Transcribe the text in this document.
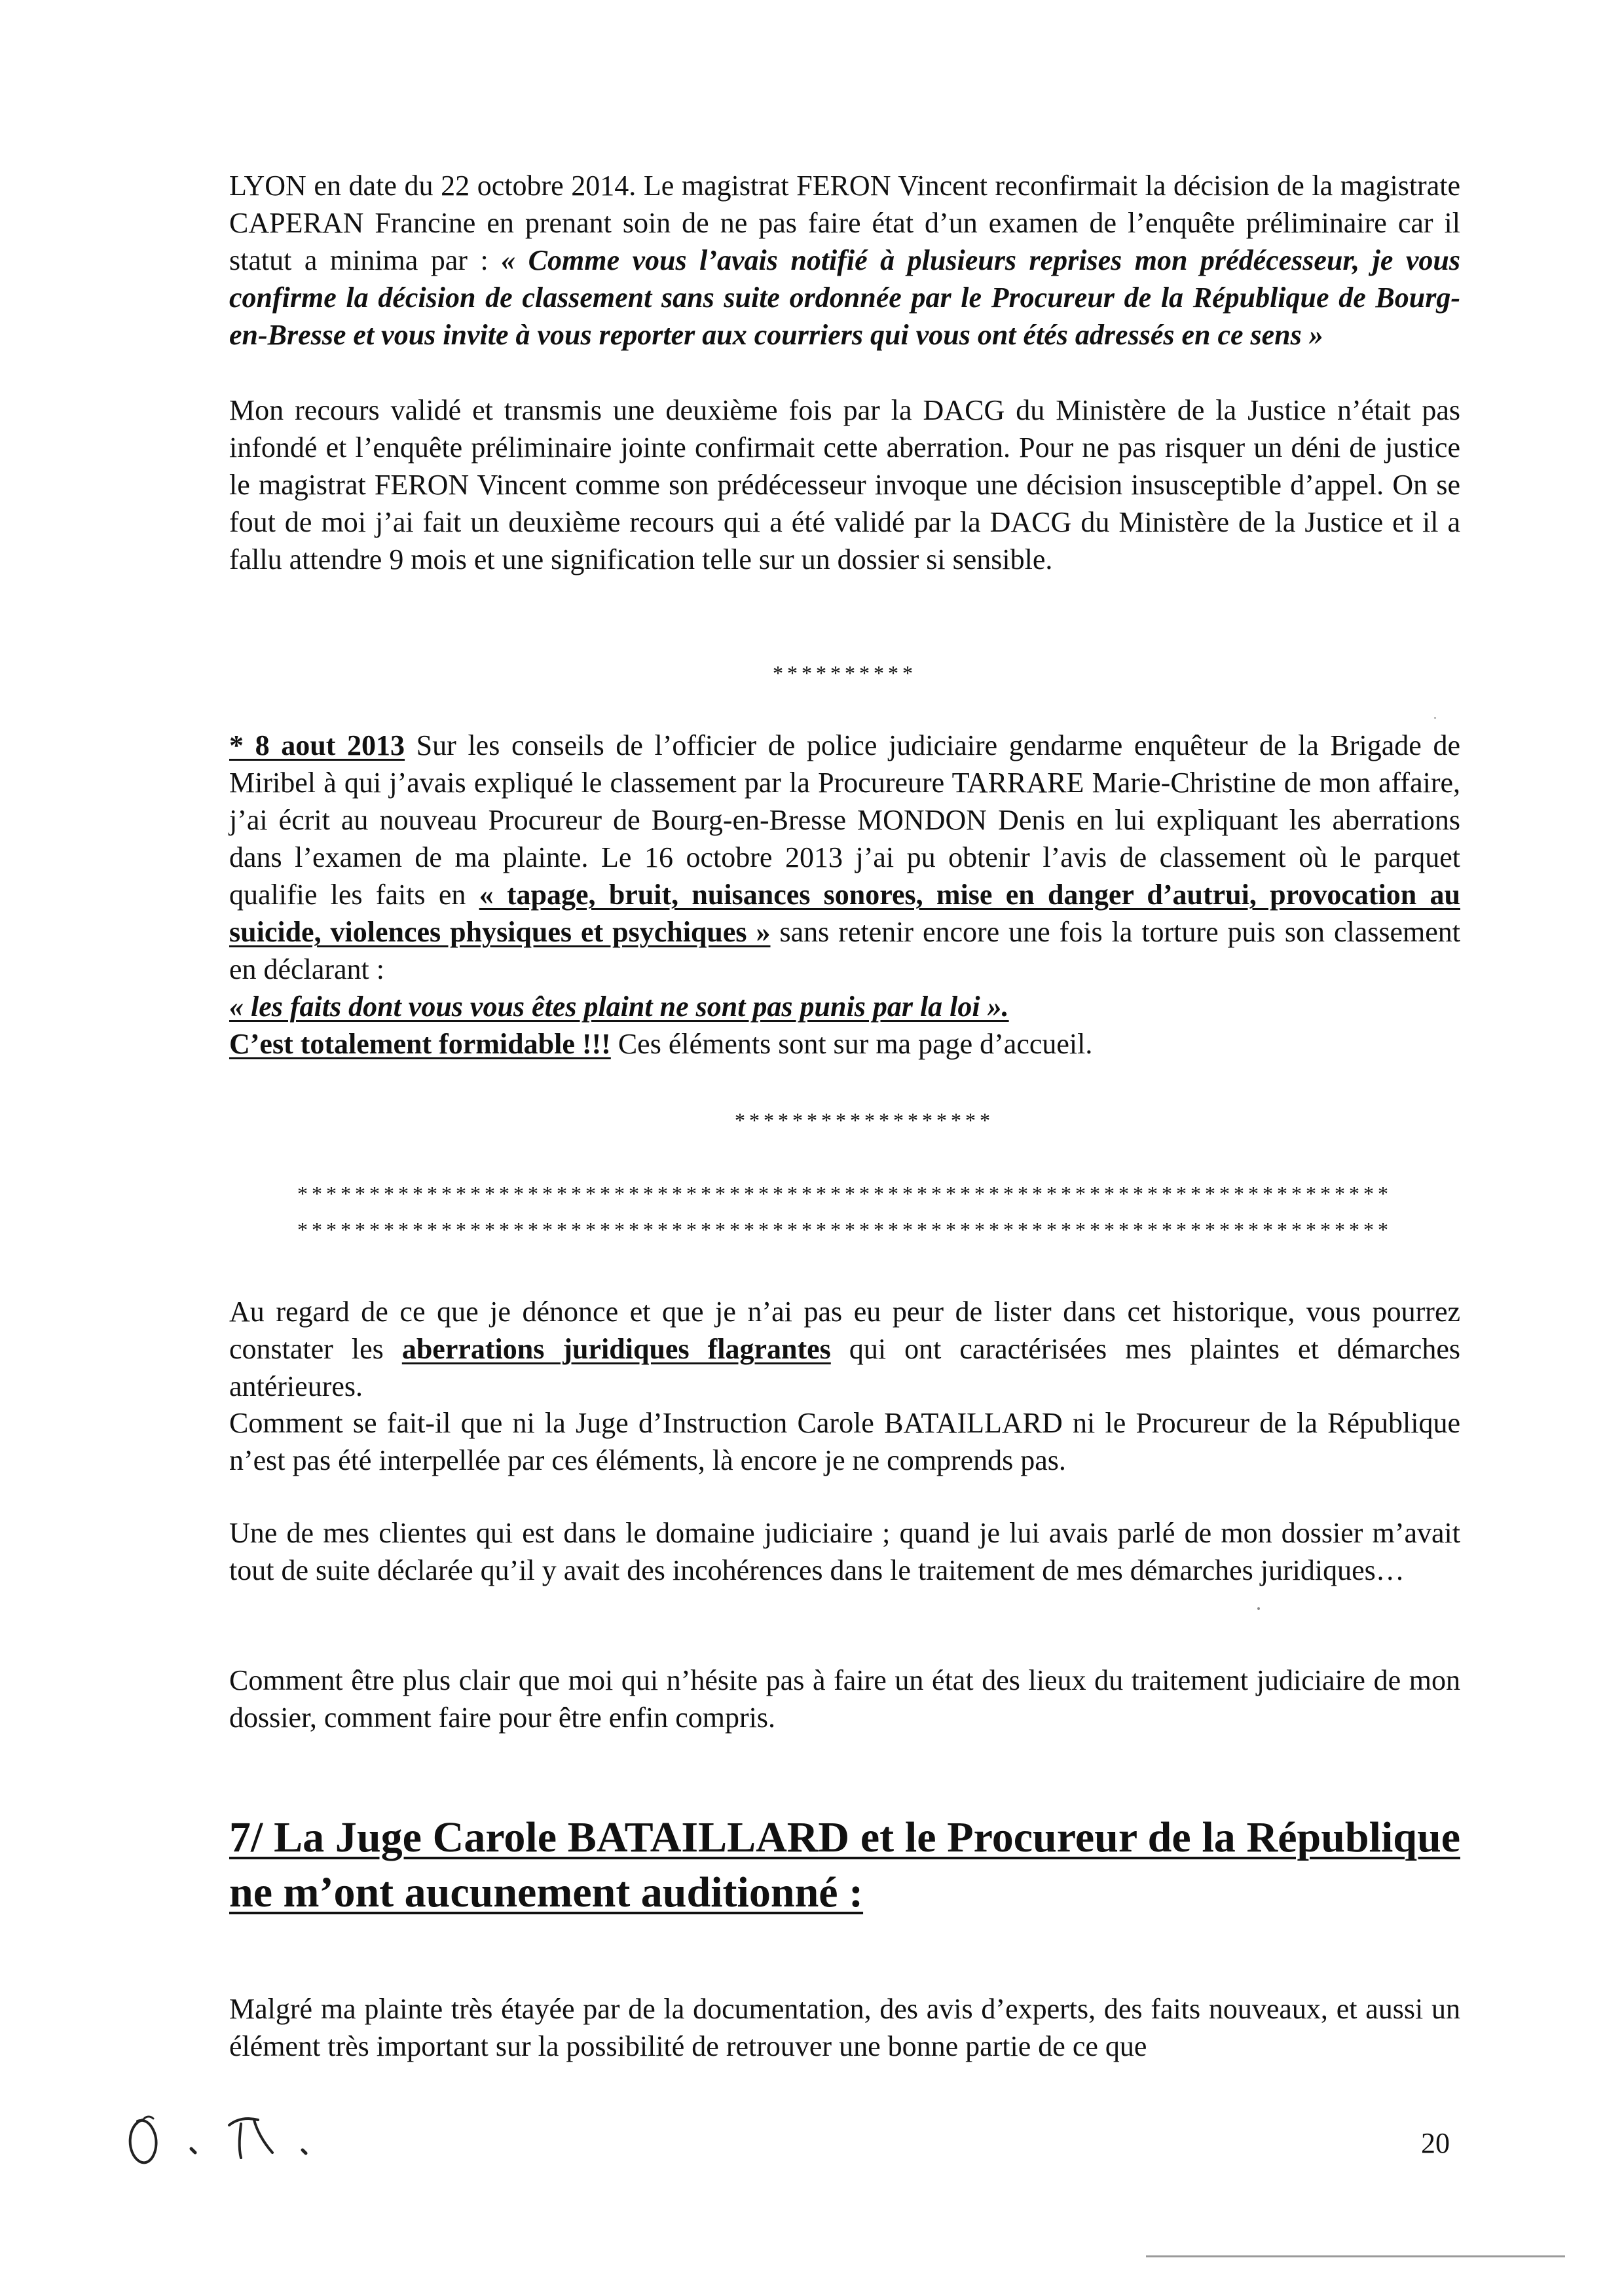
LYON en date du 22 octobre 2014. Le magistrat FERON Vincent reconfirmait la décision de la magistrate CAPERAN Francine en prenant soin de ne pas faire état d’un examen de l’enquête préliminaire car il statut a minima par : « Comme vous l’avais notifié à plusieurs reprises mon prédécesseur, je vous confirme la décision de classement sans suite ordonnée par le Procureur de la République de Bourg-en-Bresse et vous invite à vous reporter aux courriers qui vous ont étés adressés en ce sens »

Mon recours validé et transmis une deuxième fois par la DACG du Ministère de la Justice n’était pas infondé et l’enquête préliminaire jointe confirmait cette aberration. Pour ne pas risquer un déni de justice le magistrat FERON Vincent comme son prédécesseur invoque une décision insusceptible d’appel. On se fout de moi j’ai fait un deuxième recours qui a été validé par la DACG du Ministère de la Justice et il a fallu attendre 9 mois et une signification telle sur un dossier si sensible.

**********

* 8 aout 2013 Sur les conseils de l’officier de police judiciaire gendarme enquêteur de la Brigade de Miribel à qui j’avais expliqué le classement par la Procureure TARRARE Marie-Christine de mon affaire, j’ai écrit au nouveau Procureur de Bourg-en-Bresse MONDON Denis en lui expliquant les aberrations dans l’examen de ma plainte. Le 16 octobre 2013 j’ai pu obtenir l’avis de classement où le parquet qualifie les faits en « tapage, bruit, nuisances sonores, mise en danger d’autrui, provocation au suicide, violences physiques et psychiques » sans retenir encore une fois la torture puis son classement en déclarant :

« les faits dont vous vous êtes plaint ne sont pas punis par la loi ».

C’est totalement formidable !!! Ces éléments sont sur ma page d’accueil.

******************
****************************************************************************
****************************************************************************

Au regard de ce que je dénonce et que je n’ai pas eu peur de lister dans cet historique, vous pourrez constater les aberrations juridiques flagrantes qui ont caractérisées mes plaintes et démarches antérieures.

Comment se fait-il que ni la Juge d’Instruction Carole BATAILLARD ni le Procureur de la République n’est pas été interpellée par ces éléments, là encore je ne comprends pas.

Une de mes clientes qui est dans le domaine judiciaire ; quand je lui avais parlé de mon dossier m’avait tout de suite déclarée qu’il y avait des incohérences dans le traitement de mes démarches juridiques…

Comment être plus clair que moi qui n’hésite pas à faire un état des lieux du traitement judiciaire de mon dossier, comment faire pour être enfin compris.

7/ La Juge Carole BATAILLARD et le Procureur de la République ne m’ont aucunement auditionné :

Malgré ma plainte très étayée par de la documentation, des avis d’experts, des faits nouveaux, et aussi un élément très important sur la possibilité de retrouver une bonne partie de ce que

20
